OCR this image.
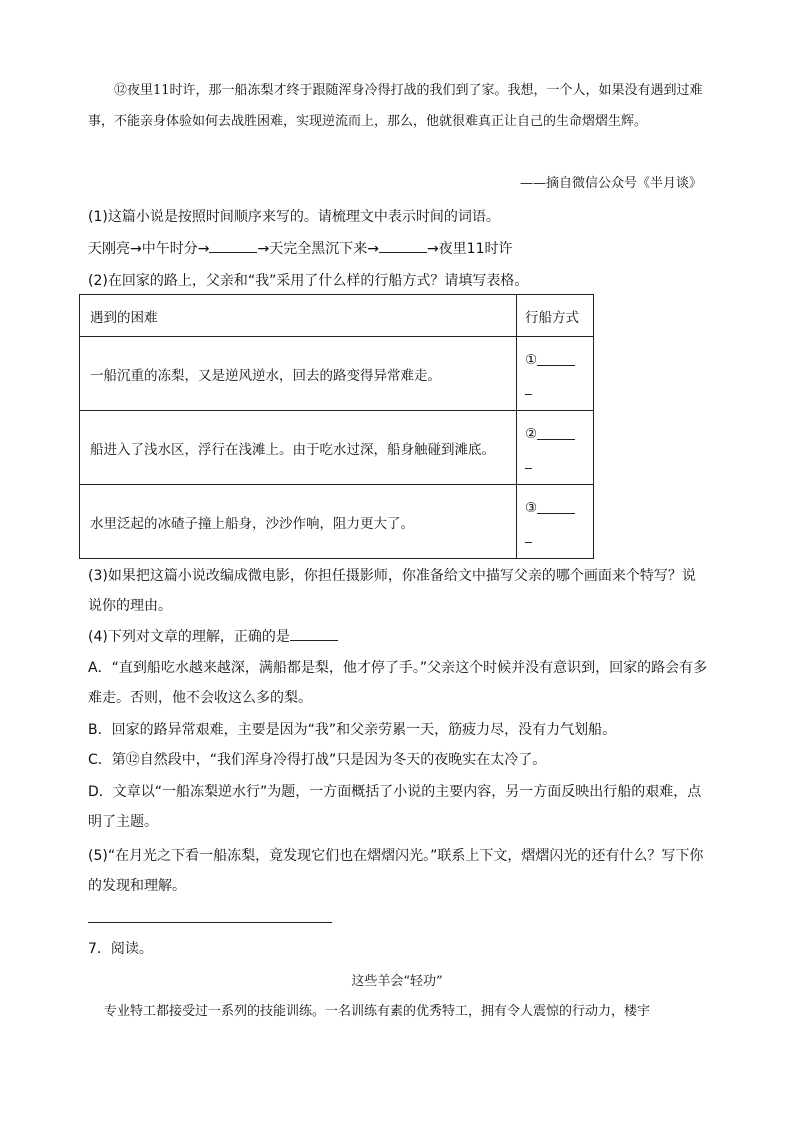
⑫夜里11时许，那一船冻梨才终于跟随浑身冷得打战的我们到了家。我想，一个人，如果没有遇到过难事，不能亲身体验如何去战胜困难，实现逆流而上，那么，他就很难真正让自己的生命熠熠生辉。
——摘自微信公众号《半月谈》
(1)这篇小说是按照时间顺序来写的。请梳理文中表示时间的词语。
天刚亮→中午时分→	→天完全黑沉下来→	→夜里11时许
(2)在回家的路上，父亲和“我”采用了什么样的行船方式？请填写表格。
遇到的困难	行船方式
一船沉重的冻梨，又是逆风逆水，回去的路变得异常难走。	①
_

船进入了浅水区，浮行在浅滩上。由于吃水过深，船身触碰到滩底。	②
_

水里泛起的冰碴子撞上船身，沙沙作响，阻力更大了。	③
_
(3)如果把这篇小说改编成微电影，你担任摄影师，你准备给文中描写父亲的哪个画面来个特写？说说你的理由。
(4)下列对文章的理解，正确的是
A．“直到船吃水越来越深，满船都是梨，他才停了手。”父亲这个时候并没有意识到，回家的路会有多难走。否则，他不会收这么多的梨。
B．回家的路异常艰难，主要是因为“我”和父亲劳累一天，筋疲力尽，没有力气划船。
C．第⑫自然段中，“我们浑身冷得打战”只是因为冬天的夜晚实在太冷了。
D．文章以“一船冻梨逆水行”为题，一方面概括了小说的主要内容，另一方面反映出行船的艰难，点明了主题。
(5)“在月光之下看一船冻梨，竟发现它们也在熠熠闪光。”联系上下文，熠熠闪光的还有什么？写下你的发现和理解。
7．阅读。
这些羊会“轻功”
专业特工都接受过一系列的技能训练。一名训练有素的优秀特工，拥有令人震惊的行动力，楼宇
